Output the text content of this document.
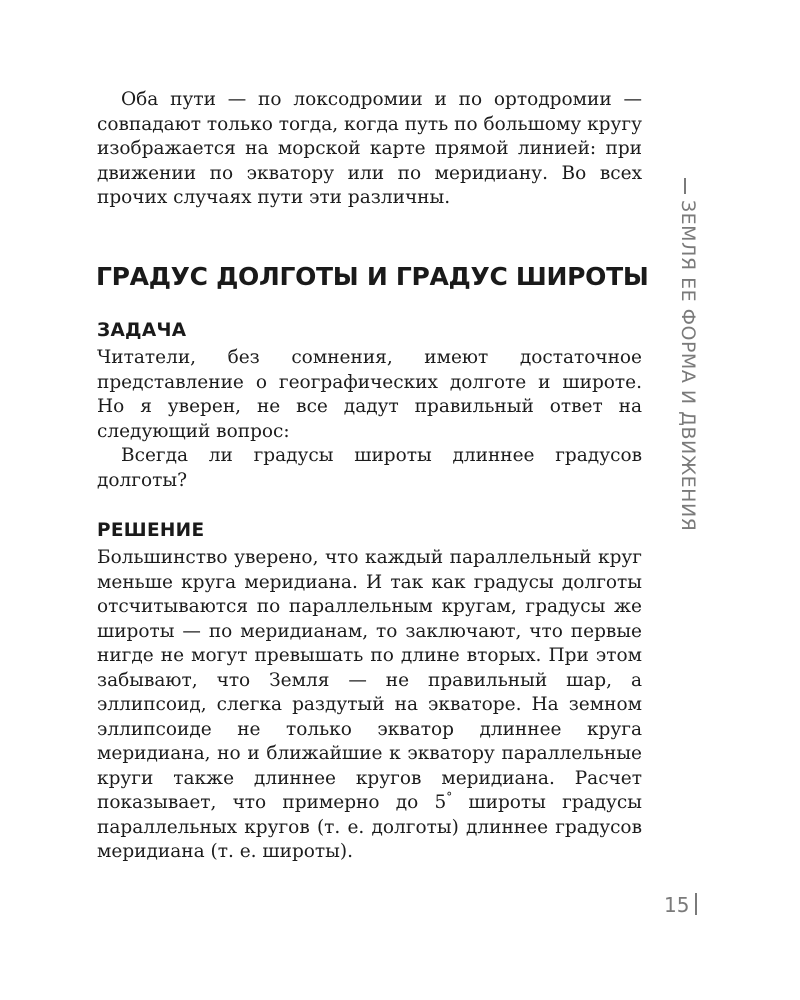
Оба пути — по локсодромии и по ортодромии — совпадают только тогда, когда путь по большому кругу изображается на морской карте прямой линией: при движении по экватору или по меридиану. Во всех прочих случаях пути эти различны.

ГРАДУС ДОЛГОТЫ И ГРАДУС ШИРОТЫ
ЗАДАЧА

Читатели, без сомнения, имеют достаточное представление о географических долготе и широте. Но я уверен, не все дадут правильный ответ на следующий вопрос:

Всегда ли градусы широты длиннее градусов долготы?

РЕШЕНИЕ

Большинство уверено, что каждый параллельный круг меньше круга меридиана. И так как градусы долготы отсчитываются по параллельным кругам, градусы же широты — по меридианам, то заключают, что первые нигде не могут превышать по длине вторых. При этом забывают, что Земля — не правильный шар, а эллипсоид, слегка раздутый на экваторе. На земном эллипсоиде не только экватор длиннее круга меридиана, но и ближайшие к экватору параллельные круги также длиннее кругов меридиана. Расчет показывает, что примерно до 5° широты градусы параллельных кругов (т. е. долготы) длиннее градусов меридиана (т. е. широты).

ЗЕМЛЯ ЕЕ ФОРМА И ДВИЖЕНИЯ
15
